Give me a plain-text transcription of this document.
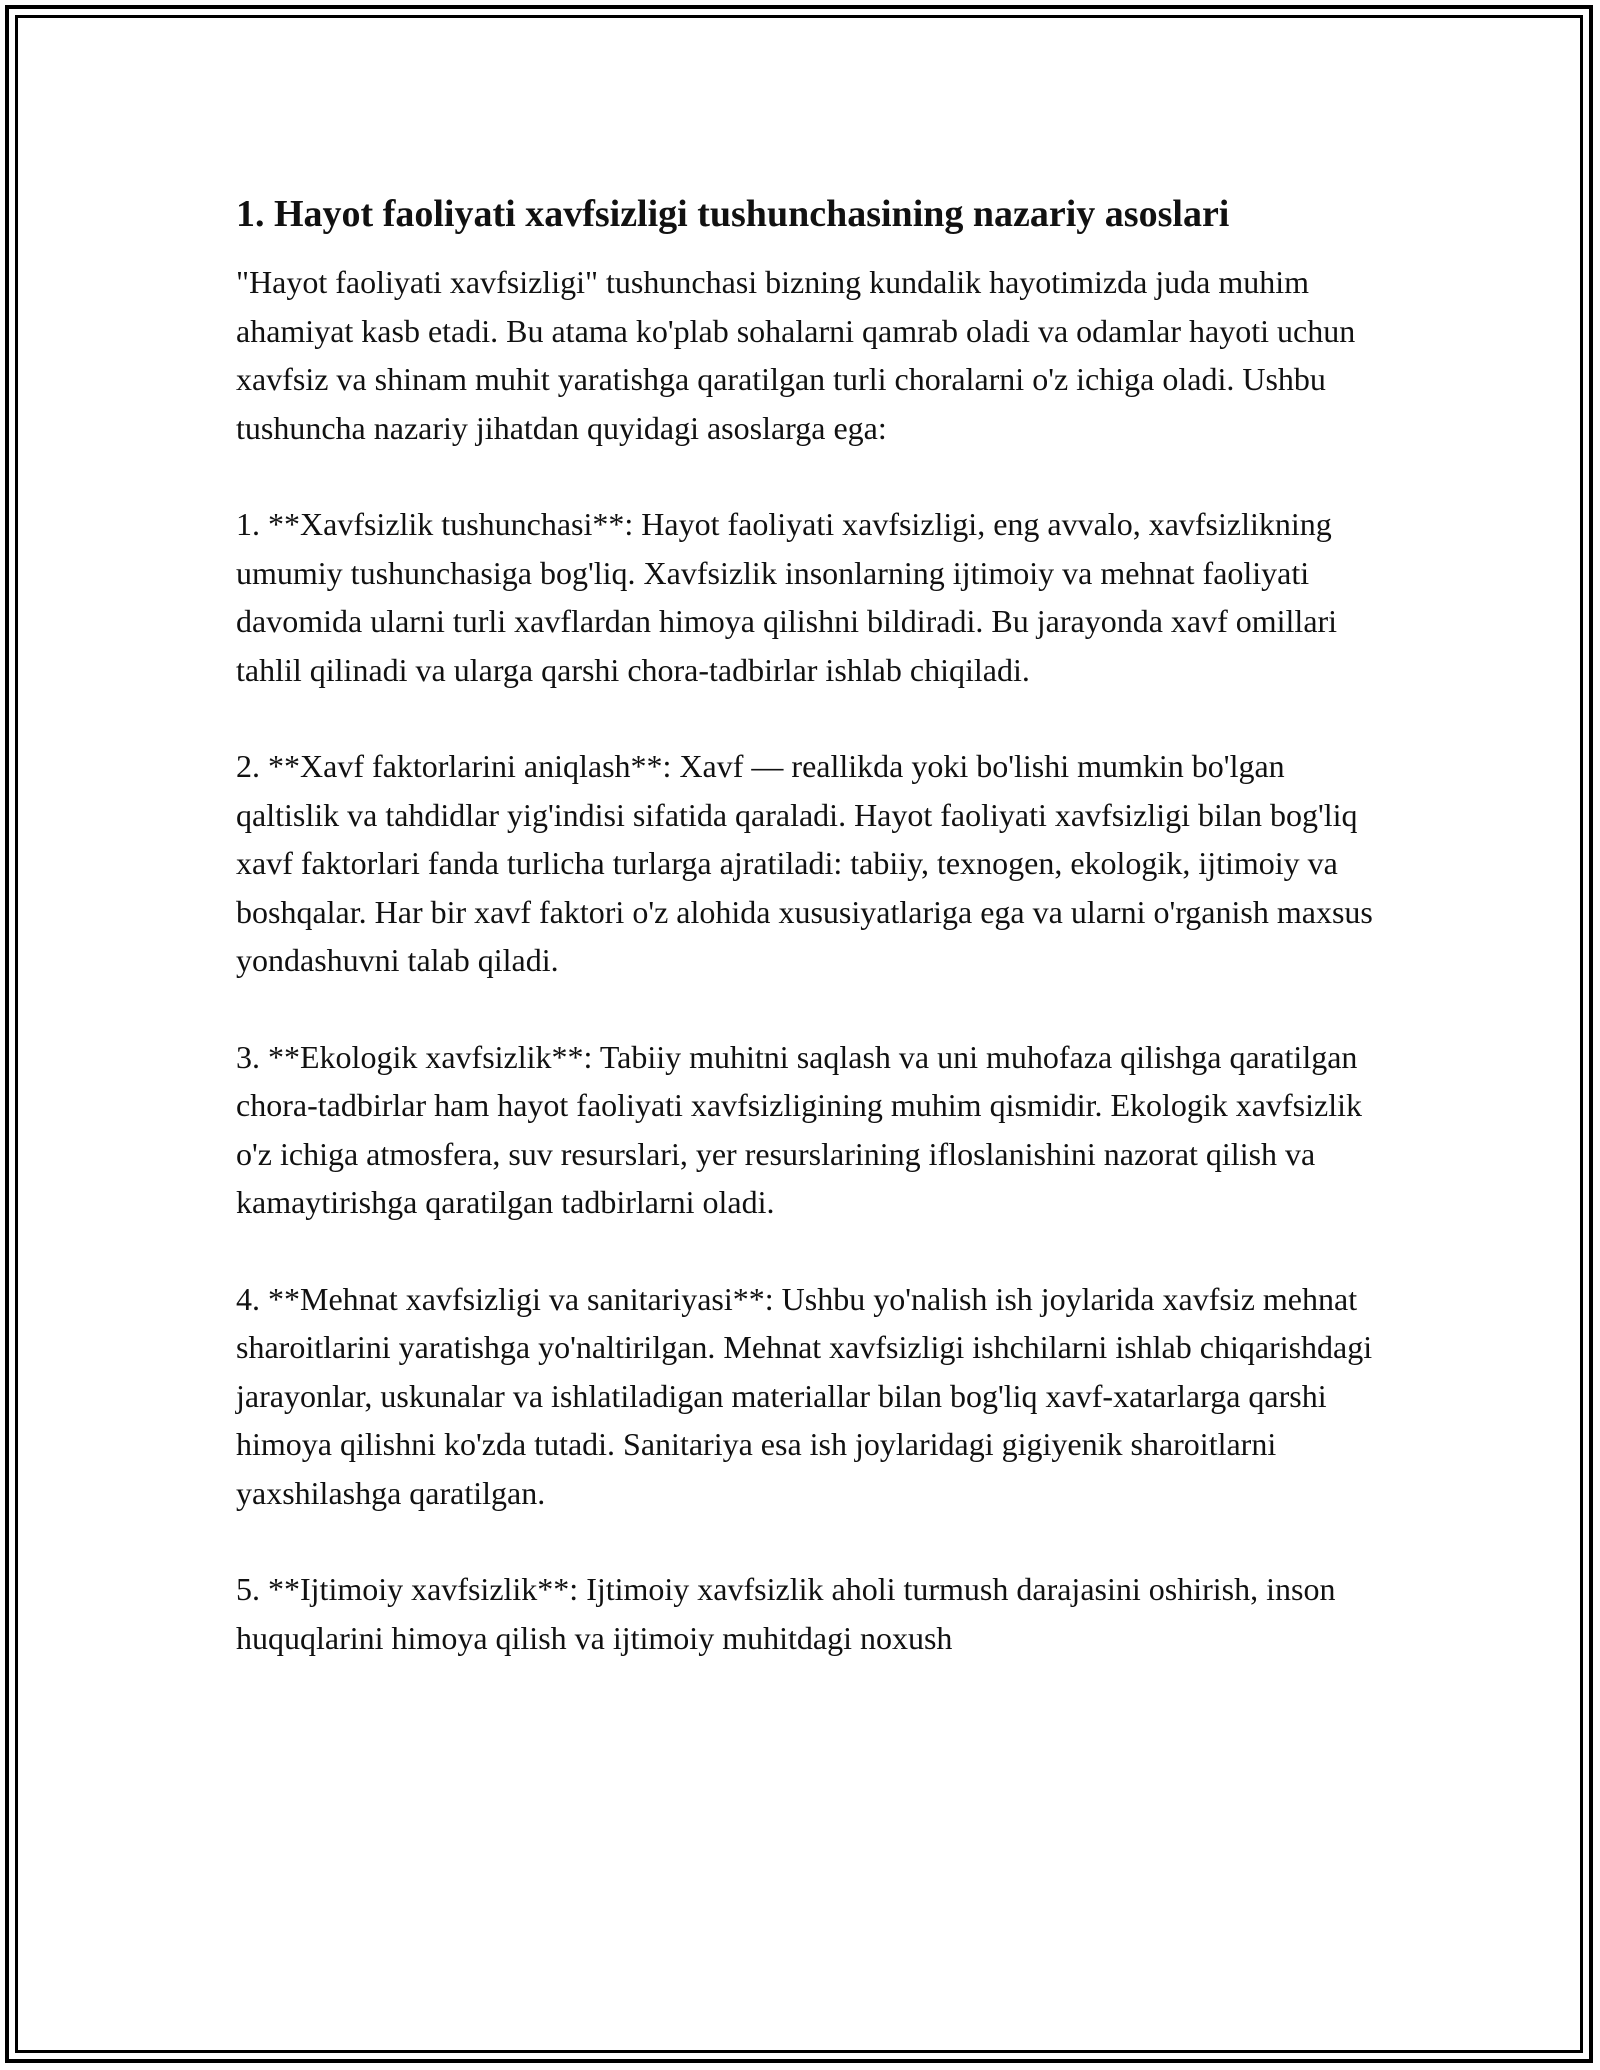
1. Hayot faoliyati xavfsizligi tushunchasining nazariy asoslari

"Hayot faoliyati xavfsizligi" tushunchasi bizning kundalik hayotimizda juda muhim ahamiyat kasb etadi. Bu atama ko'plab sohalarni qamrab oladi va odamlar hayoti uchun xavfsiz va shinam muhit yaratishga qaratilgan turli choralarni o'z ichiga oladi. Ushbu tushuncha nazariy jihatdan quyidagi asoslarga ega:

1. **Xavfsizlik tushunchasi**: Hayot faoliyati xavfsizligi, eng avvalo, xavfsizlikning umumiy tushunchasiga bog'liq. Xavfsizlik insonlarning ijtimoiy va mehnat faoliyati davomida ularni turli xavflardan himoya qilishni bildiradi. Bu jarayonda xavf omillari tahlil qilinadi va ularga qarshi chora-tadbirlar ishlab chiqiladi.

2. **Xavf faktorlarini aniqlash**: Xavf — reallikda yoki bo'lishi mumkin bo'lgan qaltislik va tahdidlar yig'indisi sifatida qaraladi. Hayot faoliyati xavfsizligi bilan bog'liq xavf faktorlari fanda turlicha turlarga ajratiladi: tabiiy, texnogen, ekologik, ijtimoiy va boshqalar. Har bir xavf faktori o'z alohida xususiyatlariga ega va ularni o'rganish maxsus yondashuvni talab qiladi.

3. **Ekologik xavfsizlik**: Tabiiy muhitni saqlash va uni muhofaza qilishga qaratilgan chora-tadbirlar ham hayot faoliyati xavfsizligining muhim qismidir. Ekologik xavfsizlik o'z ichiga atmosfera, suv resurslari, yer resurslarining ifloslanishini nazorat qilish va kamaytirishga qaratilgan tadbirlarni oladi.

4. **Mehnat xavfsizligi va sanitariyasi**: Ushbu yo'nalish ish joylarida xavfsiz mehnat sharoitlarini yaratishga yo'naltirilgan. Mehnat xavfsizligi ishchilarni ishlab chiqarishdagi jarayonlar, uskunalar va ishlatiladigan materiallar bilan bog'liq xavf-xatarlarga qarshi himoya qilishni ko'zda tutadi. Sanitariya esa ish joylaridagi gigiyenik sharoitlarni yaxshilashga qaratilgan.

5. **Ijtimoiy xavfsizlik**: Ijtimoiy xavfsizlik aholi turmush darajasini oshirish, inson huquqlarini himoya qilish va ijtimoiy muhitdagi noxush
